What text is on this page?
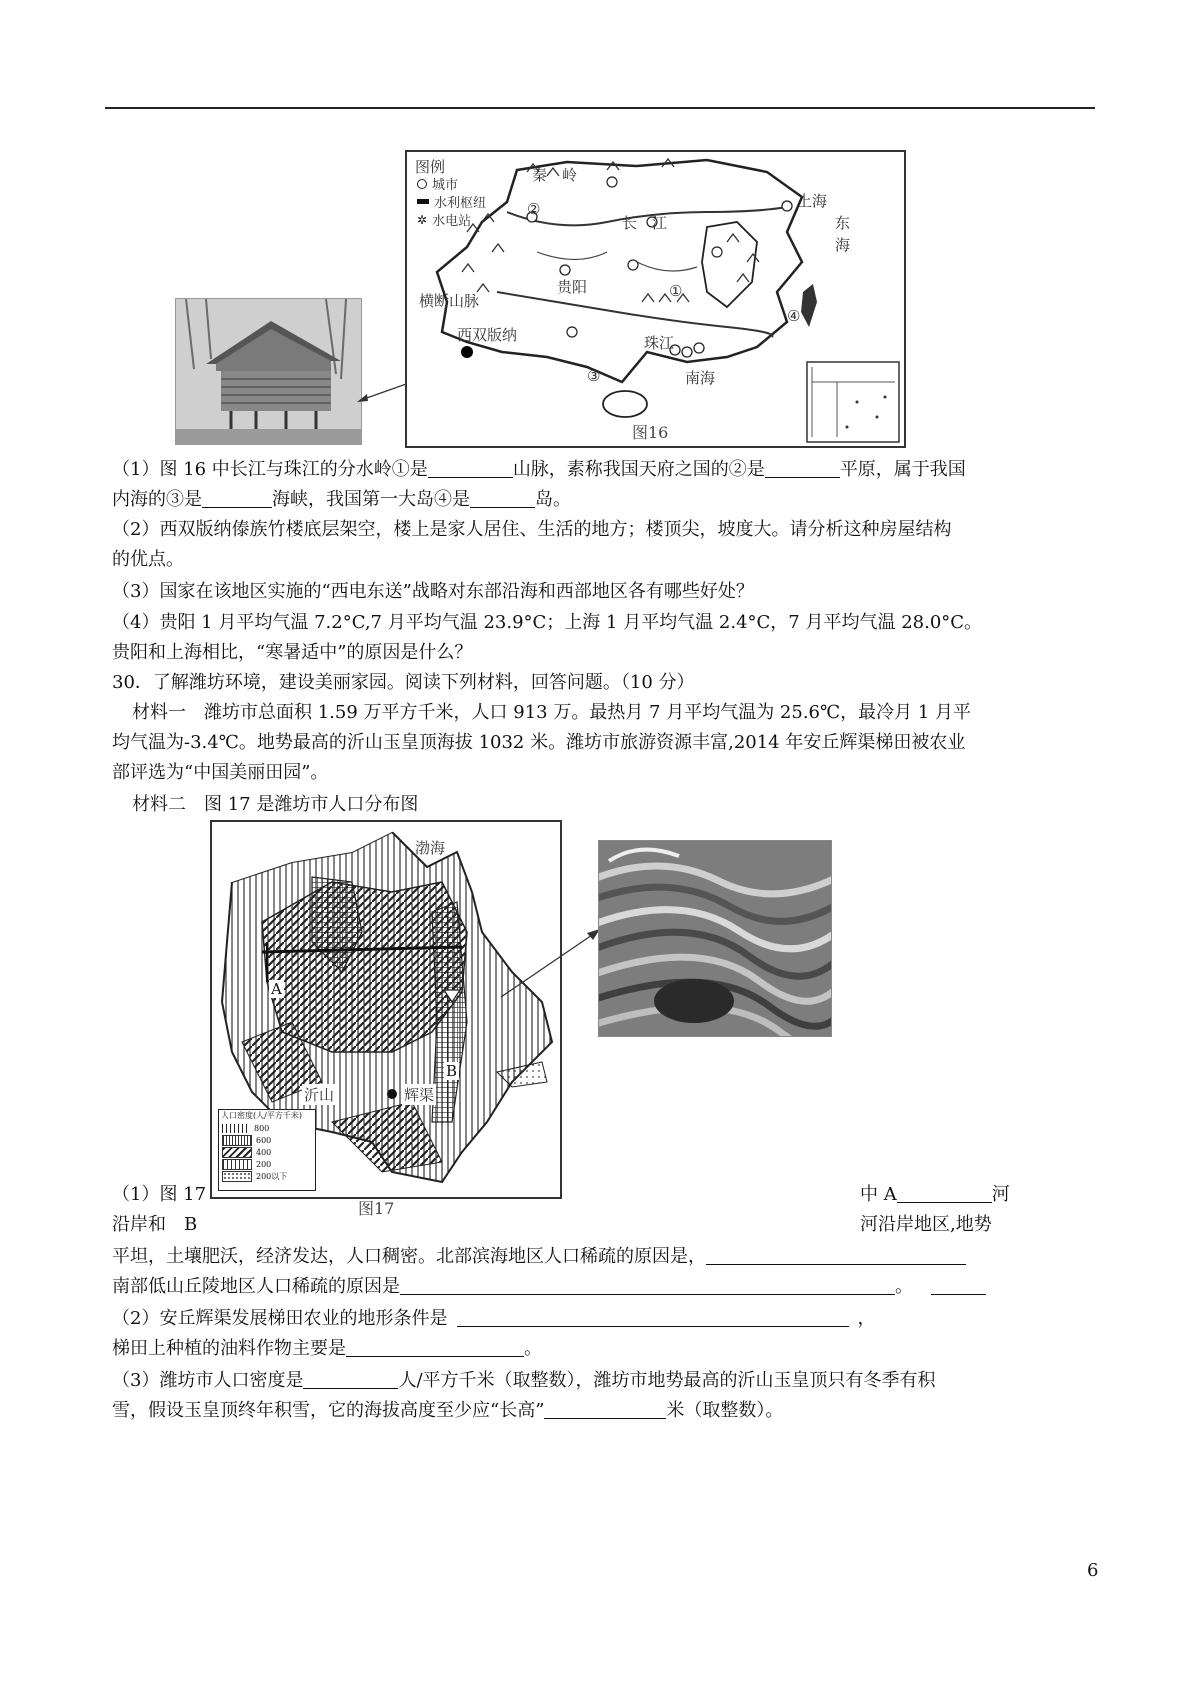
图例
城市
水利枢纽
✲ 水电站
秦　岭
长　江
上海
东
海
贵阳
横断山脉
西双版纳	珠江
南海
①
②
③
④
图16
（1）图 16 中长江与珠江的分水岭①是	山脉，素称我国天府之国的②是	平原，属于我国
内海的③是	海峡，我国第一大岛④是	岛。
（2）西双版纳傣族竹楼底层架空，楼上是家人居住、生活的地方；楼顶尖，坡度大。请分析这种房屋结构
的优点。
（3）国家在该地区实施的“西电东送”战略对东部沿海和西部地区各有哪些好处？
（4）贵阳 1 月平均气温 7.2°C,7 月平均气温 23.9°C；上海 1 月平均气温 2.4°C，7 月平均气温 28.0°C。
贵阳和上海相比，“寒暑适中”的原因是什么？
30．了解潍坊环境，建设美丽家园。阅读下列材料，回答问题。（10 分）
材料一　潍坊市总面积 1.59 万平方千米，人口 913 万。最热月 7 月平均气温为 25.6℃，最冷月 1 月平
均气温为-3.4℃。地势最高的沂山玉皇顶海拔 1032 米。潍坊市旅游资源丰富,2014 年安丘辉渠梯田被农业
部评选为“中国美丽田园”。
材料二　图 17 是潍坊市人口分布图
渤海
A
B
沂山	辉渠
人口密度(人/平方千米)
800
600
400
200
200以下
图17
（1）图 17	中 A	河
沿岸和　B	河沿岸地区,地势
平坦，土壤肥沃，经济发达，人口稠密。北部滨海地区人口稀疏的原因是，
南部低山丘陵地区人口稀疏的原因是	。
（2）安丘辉渠发展梯田农业的地形条件是	，
梯田上种植的油料作物主要是	。
（3）潍坊市人口密度是	人/平方千米（取整数），潍坊市地势最高的沂山玉皇顶只有冬季有积
雪，假设玉皇顶终年积雪，它的海拔高度至少应“长高”	米（取整数）。
6
